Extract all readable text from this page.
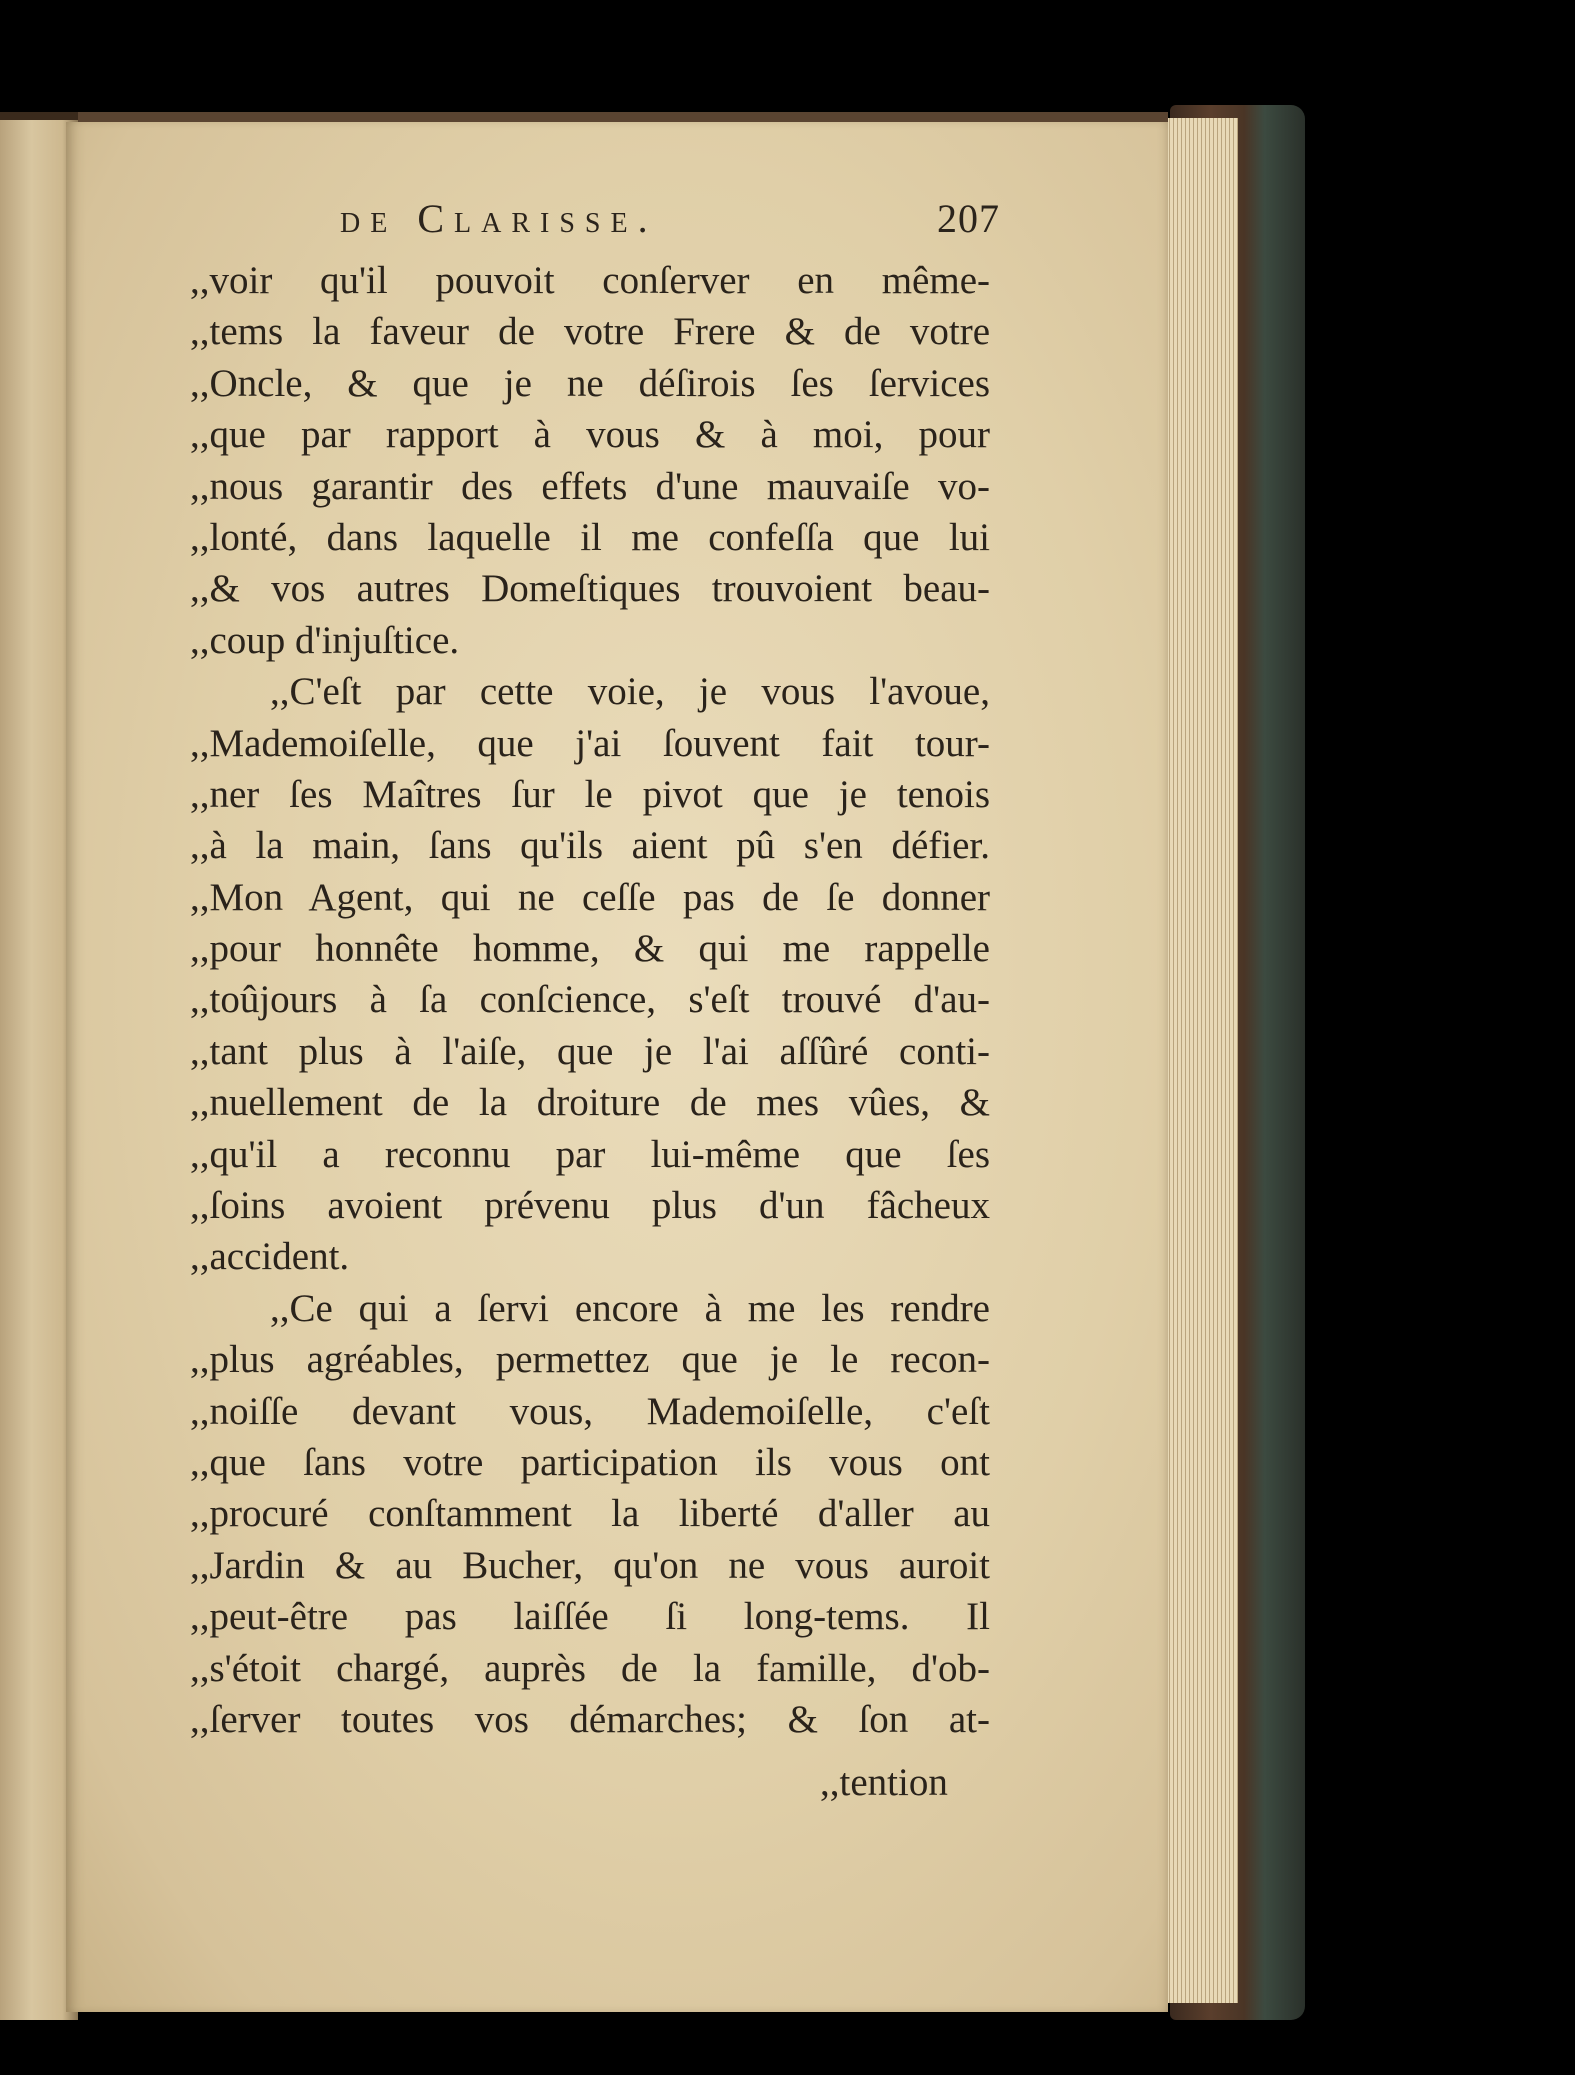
de Clarisse.	207
,,voir qu'il pouvoit conſerver en même-
,,tems la faveur de votre Frere & de votre
,,Oncle, & que je ne déſirois ſes ſervices
,,que par rapport à vous & à moi, pour
,,nous garantir des effets d'une mauvaiſe vo-
,,lonté, dans laquelle il me confeſſa que lui
,,& vos autres Domeſtiques trouvoient beau-
,,coup d'injuſtice.
,,C'eſt par cette voie, je vous l'avoue,
,,Mademoiſelle, que j'ai ſouvent fait tour-
,,ner ſes Maîtres ſur le pivot que je tenois
,,à la main, ſans qu'ils aient pû s'en défier.
,,Mon Agent, qui ne ceſſe pas de ſe donner
,,pour honnête homme, & qui me rappelle
,,toûjours à ſa conſcience, s'eſt trouvé d'au-
,,tant plus à l'aiſe, que je l'ai aſſûré conti-
,,nuellement de la droiture de mes vûes, &
,,qu'il a reconnu par lui-même que ſes
,,ſoins avoient prévenu plus d'un fâcheux
,,accident.
,,Ce qui a ſervi encore à me les rendre
,,plus agréables, permettez que je le recon-
,,noiſſe devant vous, Mademoiſelle, c'eſt
,,que ſans votre participation ils vous ont
,,procuré conſtamment la liberté d'aller au
,,Jardin & au Bucher, qu'on ne vous auroit
,,peut-être pas laiſſée ſi long-tems. Il
,,s'étoit chargé, auprès de la famille, d'ob-
,,ſerver toutes vos démarches; & ſon at-
,,tention
